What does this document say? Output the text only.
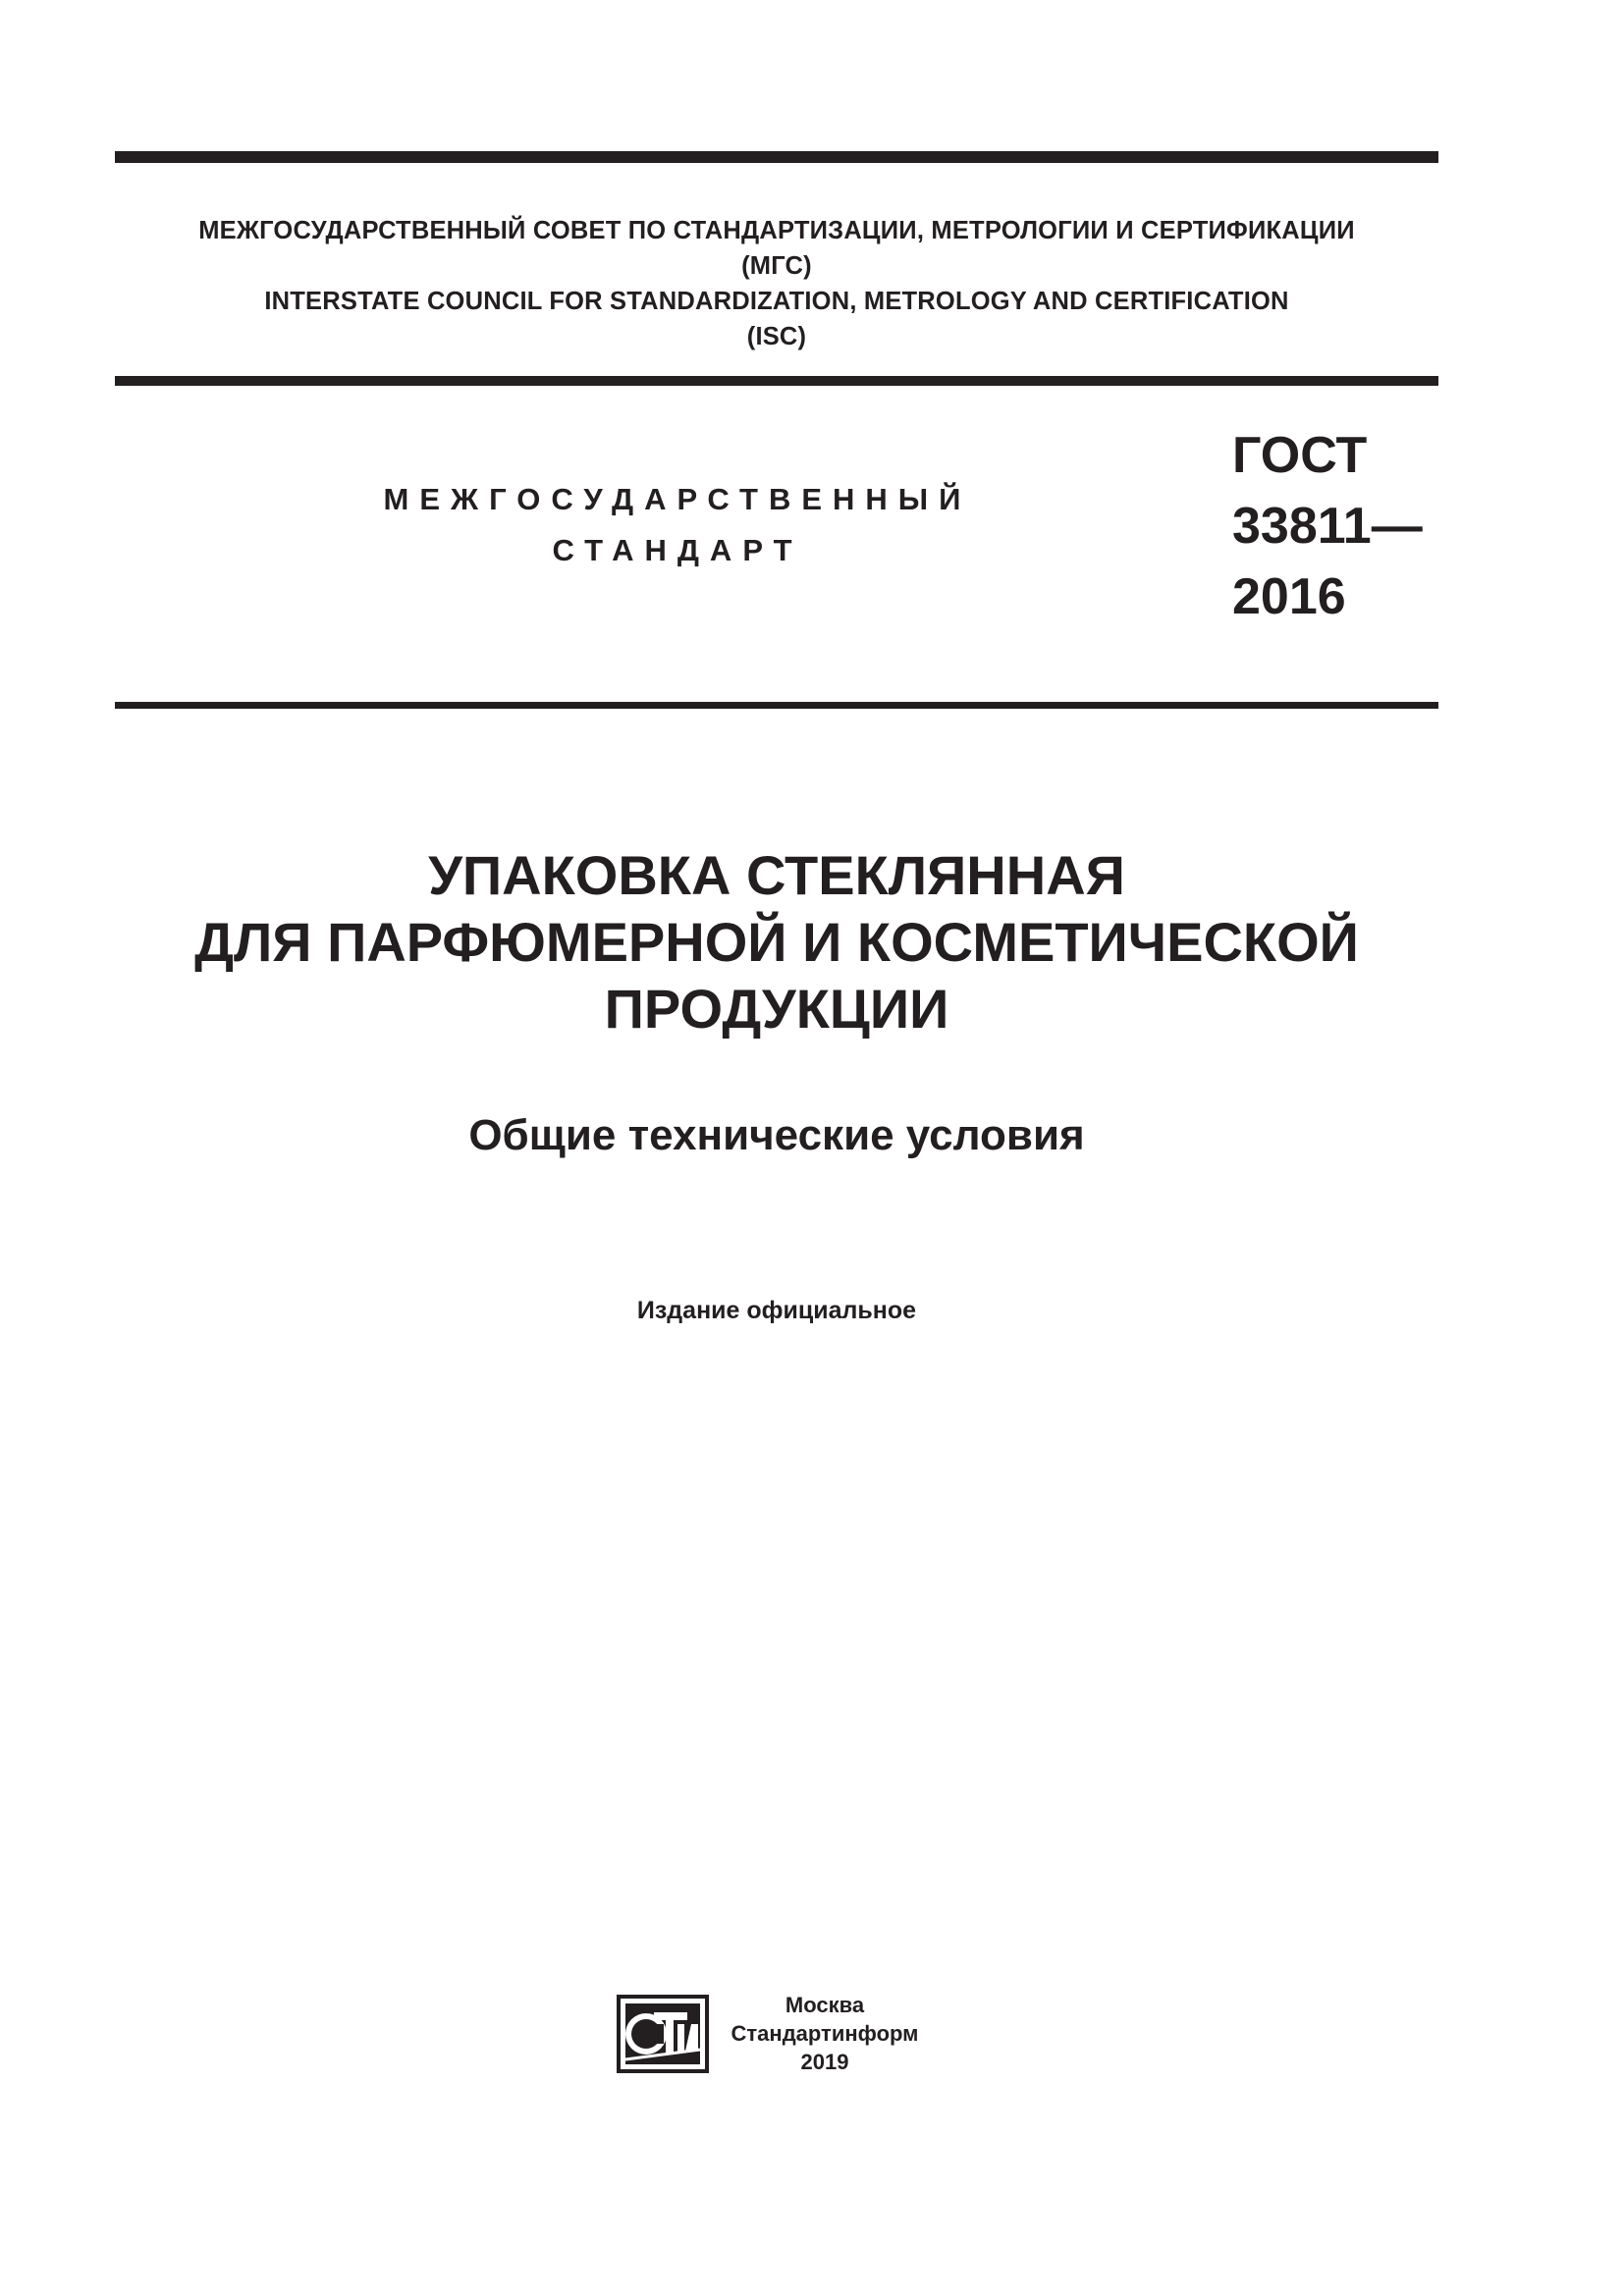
МЕЖГОСУДАРСТВЕННЫЙ СОВЕТ ПО СТАНДАРТИЗАЦИИ, МЕТРОЛОГИИ И СЕРТИФИКАЦИИ
(МГС)
INTERSTATE COUNCIL FOR STANDARDIZATION, METROLOGY AND CERTIFICATION
(ISC)
МЕЖГОСУДАРСТВЕННЫЙ
СТАНДАРТ
ГОСТ
33811—
2016
УПАКОВКА СТЕКЛЯННАЯ
ДЛЯ ПАРФЮМЕРНОЙ И КОСМЕТИЧЕСКОЙ
ПРОДУКЦИИ
Общие технические условия
Издание официальное
Москва
Стандартинформ
2019
